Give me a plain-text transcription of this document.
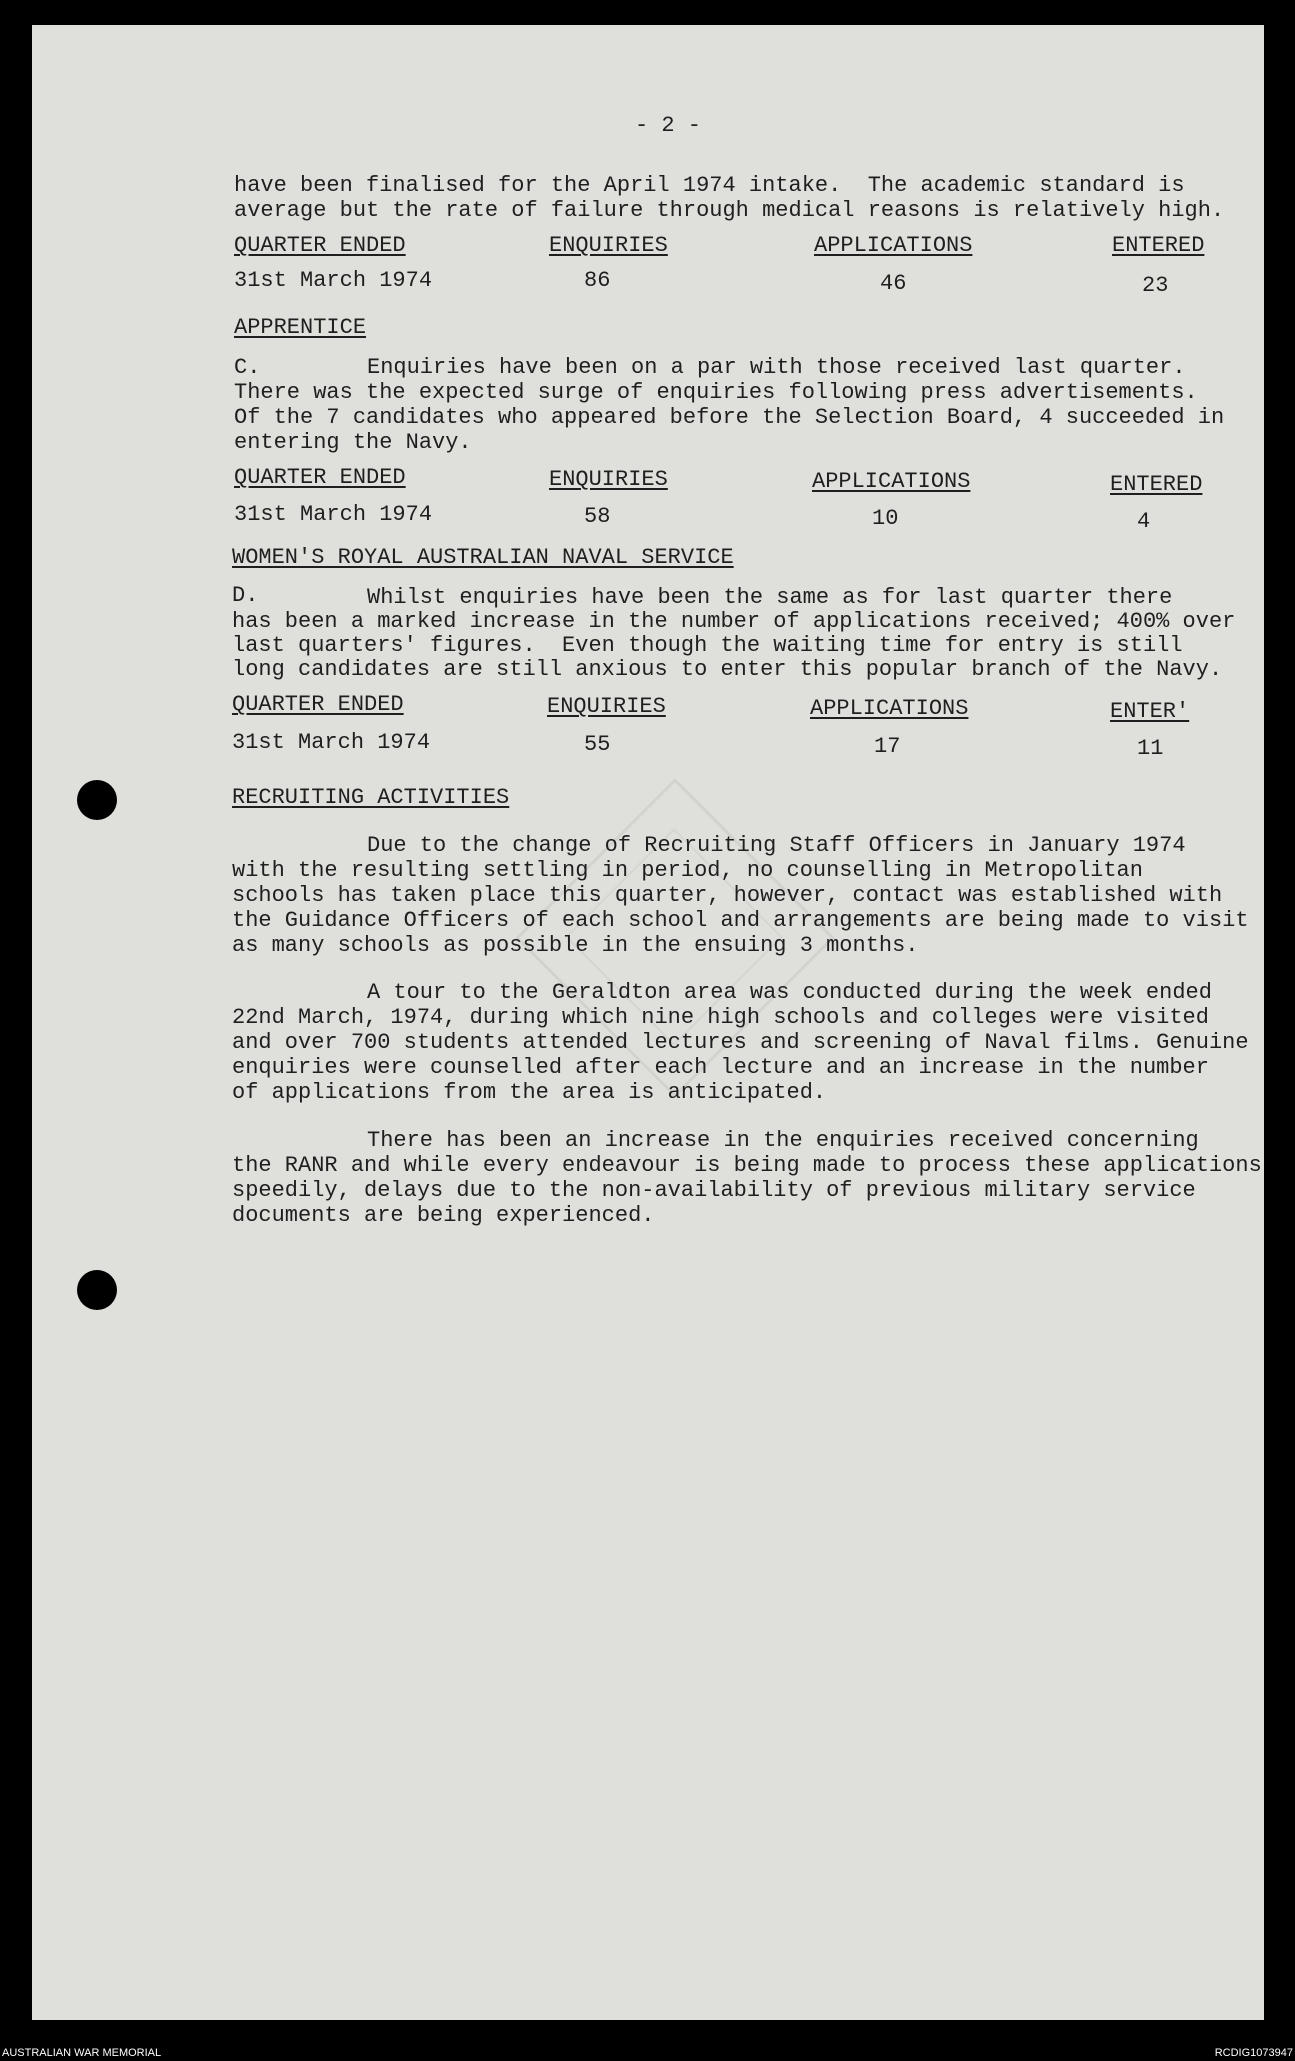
- 2 -
have been finalised for the April 1974 intake.  The academic standard is
average but the rate of failure through medical reasons is relatively high.
QUARTER ENDED	ENQUIRIES	APPLICATIONS	ENTERED
31st March 1974	86	46	23
APPRENTICE
C.	Enquiries have been on a par with those received last quarter.
There was the expected surge of enquiries following press advertisements.
Of the 7 candidates who appeared before the Selection Board, 4 succeeded in
entering the Navy.
QUARTER ENDED	ENQUIRIES	APPLICATIONS	ENTERED
31st March 1974	58	10	4
WOMEN'S ROYAL AUSTRALIAN NAVAL SERVICE
D.	Whilst enquiries have been the same as for last quarter there
has been a marked increase in the number of applications received; 400% over
last quarters' figures.  Even though the waiting time for entry is still
long candidates are still anxious to enter this popular branch of the Navy.
QUARTER ENDED	ENQUIRIES	APPLICATIONS	ENTER'
31st March 1974	55	17	11
RECRUITING ACTIVITIES
Due to the change of Recruiting Staff Officers in January 1974
with the resulting settling in period, no counselling in Metropolitan
schools has taken place this quarter, however, contact was established with
the Guidance Officers of each school and arrangements are being made to visit
as many schools as possible in the ensuing 3 months.
A tour to the Geraldton area was conducted during the week ended
22nd March, 1974, during which nine high schools and colleges were visited
and over 700 students attended lectures and screening of Naval films. Genuine
enquiries were counselled after each lecture and an increase in the number
of applications from the area is anticipated.
There has been an increase in the enquiries received concerning
the RANR and while every endeavour is being made to process these applications
speedily, delays due to the non-availability of previous military service
documents are being experienced.
AUSTRALIAN WAR MEMORIAL	RCDIG1073947
